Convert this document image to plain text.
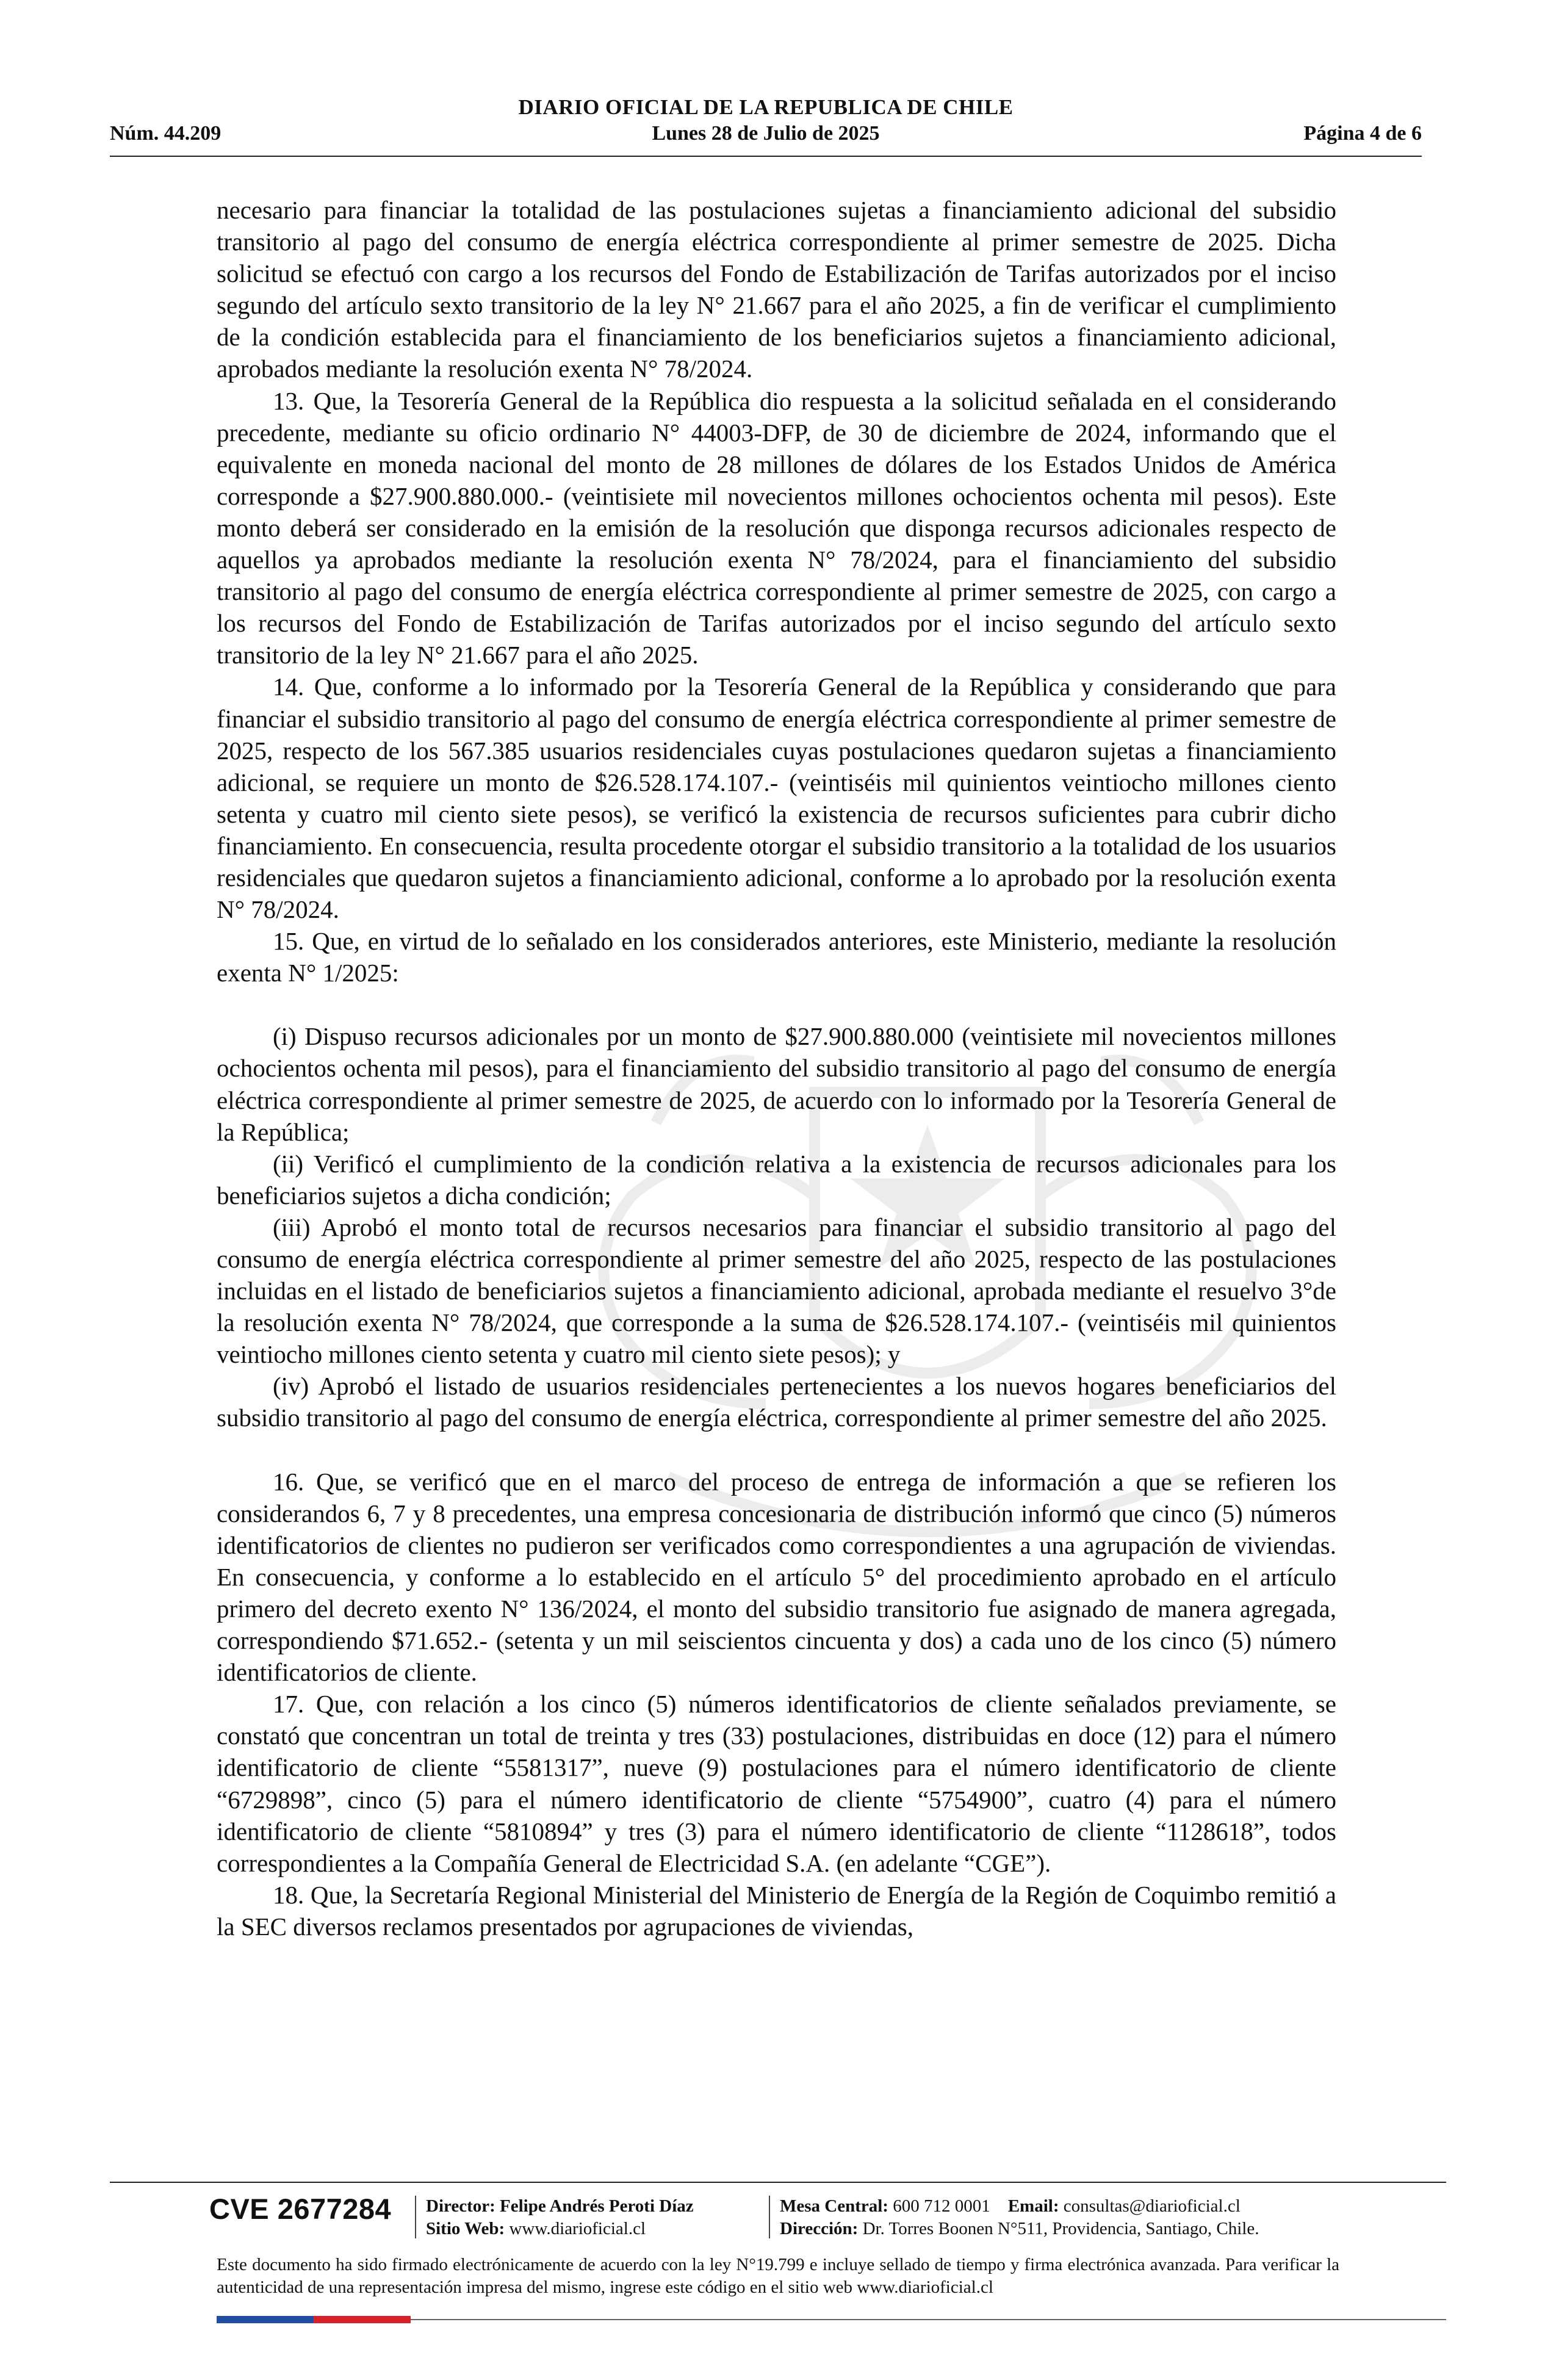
DIARIO OFICIAL DE LA REPUBLICA DE CHILE
Núm. 44.209	Lunes 28 de Julio de 2025	Página 4 de 6

necesario para financiar la totalidad de las postulaciones sujetas a financiamiento adicional del subsidio transitorio al pago del consumo de energía eléctrica correspondiente al primer semestre de 2025. Dicha solicitud se efectuó con cargo a los recursos del Fondo de Estabilización de Tarifas autorizados por el inciso segundo del artículo sexto transitorio de la ley N° 21.667 para el año 2025, a fin de verificar el cumplimiento de la condición establecida para el financiamiento de los beneficiarios sujetos a financiamiento adicional, aprobados mediante la resolución exenta N° 78/2024.

13. Que, la Tesorería General de la República dio respuesta a la solicitud señalada en el considerando precedente, mediante su oficio ordinario N° 44003-DFP, de 30 de diciembre de 2024, informando que el equivalente en moneda nacional del monto de 28 millones de dólares de los Estados Unidos de América corresponde a $27.900.880.000.- (veintisiete mil novecientos millones ochocientos ochenta mil pesos). Este monto deberá ser considerado en la emisión de la resolución que disponga recursos adicionales respecto de aquellos ya aprobados mediante la resolución exenta N° 78/2024, para el financiamiento del subsidio transitorio al pago del consumo de energía eléctrica correspondiente al primer semestre de 2025, con cargo a los recursos del Fondo de Estabilización de Tarifas autorizados por el inciso segundo del artículo sexto transitorio de la ley N° 21.667 para el año 2025.

14. Que, conforme a lo informado por la Tesorería General de la República y considerando que para financiar el subsidio transitorio al pago del consumo de energía eléctrica correspondiente al primer semestre de 2025, respecto de los 567.385 usuarios residenciales cuyas postulaciones quedaron sujetas a financiamiento adicional, se requiere un monto de $26.528.174.107.- (veintiséis mil quinientos veintiocho millones ciento setenta y cuatro mil ciento siete pesos), se verificó la existencia de recursos suficientes para cubrir dicho financiamiento. En consecuencia, resulta procedente otorgar el subsidio transitorio a la totalidad de los usuarios residenciales que quedaron sujetos a financiamiento adicional, conforme a lo aprobado por la resolución exenta N° 78/2024.

15. Que, en virtud de lo señalado en los considerados anteriores, este Ministerio, mediante la resolución exenta N° 1/2025:

(i) Dispuso recursos adicionales por un monto de $27.900.880.000 (veintisiete mil novecientos millones ochocientos ochenta mil pesos), para el financiamiento del subsidio transitorio al pago del consumo de energía eléctrica correspondiente al primer semestre de 2025, de acuerdo con lo informado por la Tesorería General de la República;

(ii) Verificó el cumplimiento de la condición relativa a la existencia de recursos adicionales para los beneficiarios sujetos a dicha condición;

(iii) Aprobó el monto total de recursos necesarios para financiar el subsidio transitorio al pago del consumo de energía eléctrica correspondiente al primer semestre del año 2025, respecto de las postulaciones incluidas en el listado de beneficiarios sujetos a financiamiento adicional, aprobada mediante el resuelvo 3°de la resolución exenta N° 78/2024, que corresponde a la suma de $26.528.174.107.- (veintiséis mil quinientos veintiocho millones ciento setenta y cuatro mil ciento siete pesos); y

(iv) Aprobó el listado de usuarios residenciales pertenecientes a los nuevos hogares beneficiarios del subsidio transitorio al pago del consumo de energía eléctrica, correspondiente al primer semestre del año 2025.

16. Que, se verificó que en el marco del proceso de entrega de información a que se refieren los considerandos 6, 7 y 8 precedentes, una empresa concesionaria de distribución informó que cinco (5) números identificatorios de clientes no pudieron ser verificados como correspondientes a una agrupación de viviendas. En consecuencia, y conforme a lo establecido en el artículo 5° del procedimiento aprobado en el artículo primero del decreto exento N° 136/2024, el monto del subsidio transitorio fue asignado de manera agregada, correspondiendo $71.652.- (setenta y un mil seiscientos cincuenta y dos) a cada uno de los cinco (5) número identificatorios de cliente.

17. Que, con relación a los cinco (5) números identificatorios de cliente señalados previamente, se constató que concentran un total de treinta y tres (33) postulaciones, distribuidas en doce (12) para el número identificatorio de cliente “5581317”, nueve (9) postulaciones para el número identificatorio de cliente “6729898”, cinco (5) para el número identificatorio de cliente “5754900”, cuatro (4) para el número identificatorio de cliente “5810894” y tres (3) para el número identificatorio de cliente “1128618”, todos correspondientes a la Compañía General de Electricidad S.A. (en adelante “CGE”).

18. Que, la Secretaría Regional Ministerial del Ministerio de Energía de la Región de Coquimbo remitió a la SEC diversos reclamos presentados por agrupaciones de viviendas,

CVE 2677284 Director: Felipe Andrés Peroti Díaz
Sitio Web: www.diarioficial.cl
Mesa Central: 600 712 0001 Email: consultas@diarioficial.cl
Dirección: Dr. Torres Boonen N°511, Providencia, Santiago, Chile.
Este documento ha sido firmado electrónicamente de acuerdo con la ley N°19.799 e incluye sellado de tiempo y firma electrónica avanzada. Para verificar la autenticidad de una representación impresa del mismo, ingrese este código en el sitio web www.diarioficial.cl
